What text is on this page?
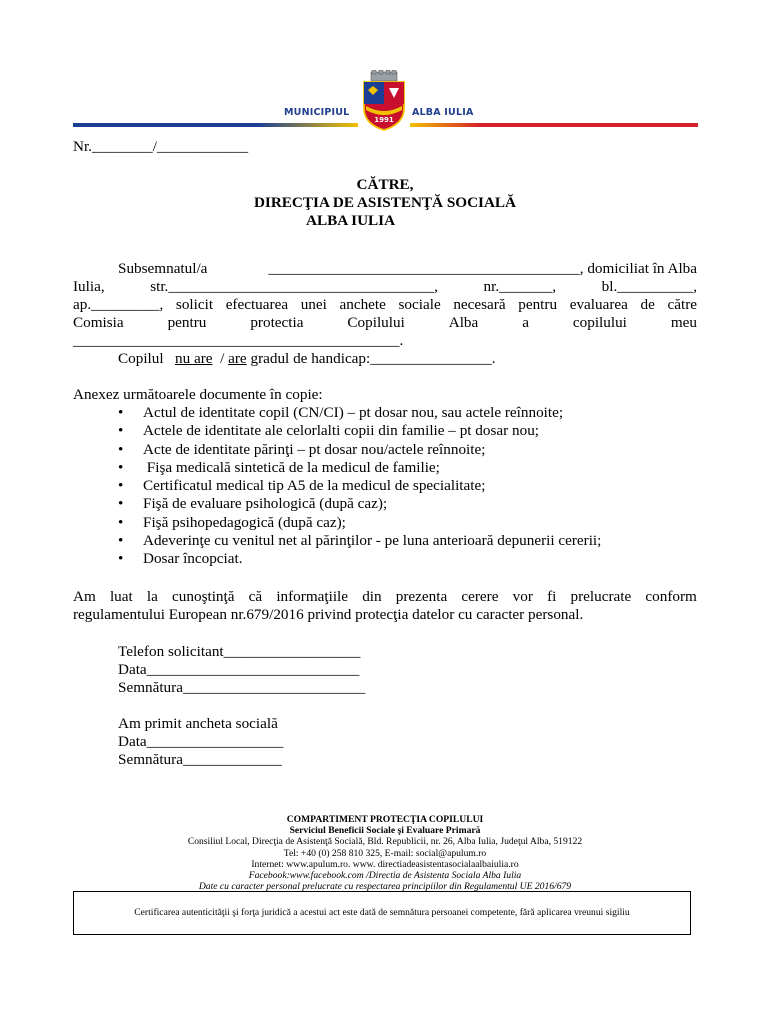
1991
MUNICIPIUL	ALBA IULIA
Nr.________/____________
CĂTRE,
DIRECŢIA DE ASISTENŢĂ SOCIALĂ
ALBA IULIA
Subsemnatul/a	_________________________________________, domiciliat în Alba
Iulia,	str.___________________________________,	nr._______,	bl.__________,
ap._________, solicit efectuarea unei anchete sociale necesară pentru evaluarea de către
Comisia	pentru	protectia	Copilului	Alba	a	copilului	meu
___________________________________________.
Copilul nu are / are gradul de handicap:________________.
Anexez următoarele documente în copie:
• Actul de identitate copil (CN/CI) – pt dosar nou, sau actele reînnoite;
• Actele de identitate ale celorlalti copii din familie – pt dosar nou;
• Acte de identitate părinţi – pt dosar nou/actele reînnoite;
• Fişa medicală sintetică de la medicul de familie;
• Certificatul medical tip A5 de la medicul de specialitate;
• Fişă de evaluare psihologică (după caz);
• Fişă psihopedagogică (după caz);
• Adeverinţe cu venitul net al părinţilor - pe luna anterioară depunerii cererii;
• Dosar încopciat.
Am luat la cunoştinţă că informaţiile din prezenta cerere vor fi prelucrate conform
regulamentului European nr.679/2016 privind protecţia datelor cu caracter personal.
Telefon solicitant__________________
Data____________________________
Semnătura________________________
Am primit ancheta socială
Data__________________
Semnătura_____________
COMPARTIMENT PROTECŢIA COPILULUI
Serviciul Beneficii Sociale şi Evaluare Primară
Consiliul Local, Direcţia de Asistenţă Socială, Bld. Republicii, nr. 26, Alba Iulia, Judeţul Alba, 519122
Tel: +40 (0) 258 810 325, E-mail: social@apulum.ro
Internet: www.apulum.ro. www. directiadeasistentasocialaalbaiulia.ro
Facebook:www.facebook.com /Directia de Asistenta Sociala Alba Iulia
Date cu caracter personal prelucrate cu respectarea principiilor din Regulamentul UE 2016/679
Certificarea autenticităţii şi forţa juridică a acestui act este dată de semnătura persoanei competente, fără aplicarea vreunui sigiliu
